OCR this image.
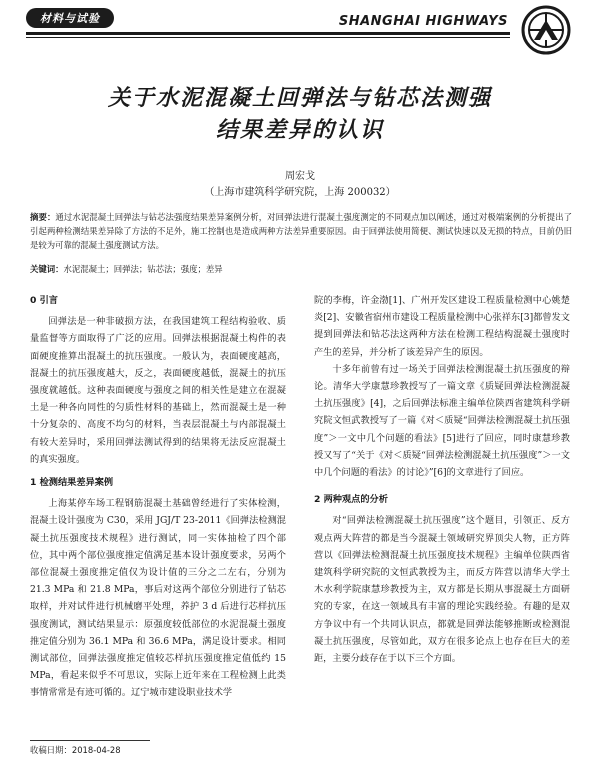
材料与试验	SHANGHAI HIGHWAYS
关于水泥混凝土回弹法与钻芯法测强
结果差异的认识
周宏戈
（上海市建筑科学研究院，上海 200032）
摘要：通过水泥混凝土回弹法与钻芯法强度结果差异案例分析，对回弹法进行混凝土强度测定的不同观点加以阐述，通过对极端案例的分析提出了引起两种检测结果差异除了方法的不足外，施工控制也是造成两种方法差异重要原因。由于回弹法使用简便、测试快速以及无损的特点，目前仍旧是较为可靠的混凝土强度测试方法。
关键词：水泥混凝土；回弹法；钻芯法；强度；差异
0 引言

回弹法是一种非破损方法，在我国建筑工程结构验收、质量监督等方面取得了广泛的应用。回弹法根据混凝土构件的表面硬度推算出混凝土的抗压强度。一般认为，表面硬度越高，混凝土的抗压强度越大，反之，表面硬度越低，混凝土的抗压强度就越低。这种表面硬度与强度之间的相关性是建立在混凝土是一种各向同性的匀质性材料的基础上，然而混凝土是一种十分复杂的、高度不均匀的材料，当表层混凝土与内部混凝土有较大差异时，采用回弹法测试得到的结果将无法反应混凝土的真实强度。

1 检测结果差异案例

上海某停车场工程钢筋混凝土基础曾经进行了实体检测，混凝土设计强度为 C30，采用 JGJ/T 23-2011《回弹法检测混凝土抗压强度技术规程》进行测试，同一实体抽检了四个部位，其中两个部位强度推定值满足基本设计强度要求，另两个部位混凝土强度推定值仅为设计值的三分之二左右，分别为 21.3 MPa 和 21.8 MPa，事后对这两个部位分别进行了钻芯取样，并对试件进行机械磨平处理，养护 3 d 后进行芯样抗压强度测试，测试结果显示：原强度较低部位的水泥混凝土强度推定值分别为 36.1 MPa 和 36.6 MPa，满足设计要求。相同测试部位，回弹法强度推定值较芯样抗压强度推定值低约 15 MPa，看起来似乎不可思议，实际上近年来在工程检测上此类事情常常是有迹可循的。辽宁城市建设职业技术学

院的李梅，许金渤[1]、广州开发区建设工程质量检测中心姚楚炎[2]、安徽省宿州市建设工程质量检测中心张祥东[3]都曾发文提到回弹法和钻芯法这两种方法在检测工程结构混凝土强度时产生的差异，并分析了该差异产生的原因。

十多年前曾有过一场关于回弹法检测混凝土抗压强度的辩论。清华大学康慧珍教授写了一篇文章《质疑回弹法检测混凝土抗压强度》[4]，之后回弹法标准主编单位陕西省建筑科学研究院文恒武教授写了一篇《对＜质疑“回弹法检测混凝土抗压强度”＞一文中几个问题的看法》[5]进行了回应，同时康慧珍教授又写了“关于《对＜质疑“回弹法检测混凝土抗压强度”＞一文中几个问题的看法》的讨论》”[6]的文章进行了回应。

2 两种观点的分析

对“回弹法检测混凝土抗压强度”这个题目，引领正、反方观点两大阵营的都是当今混凝土领域研究界顶尖人物，正方阵营以《回弹法检测混凝土抗压强度技术规程》主编单位陕西省建筑科学研究院的文恒武教授为主，而反方阵营以清华大学土木水利学院康慧珍教授为主，双方都是长期从事混凝土方面研究的专家，在这一领域具有丰富的理论实践经验。有趣的是双方争议中有一个共同认识点，都就是回弹法能够推断或检测混凝土抗压强度，尽管如此，双方在很多论点上也存在巨大的差距，主要分歧存在于以下三个方面。

收稿日期：2018-04-28
